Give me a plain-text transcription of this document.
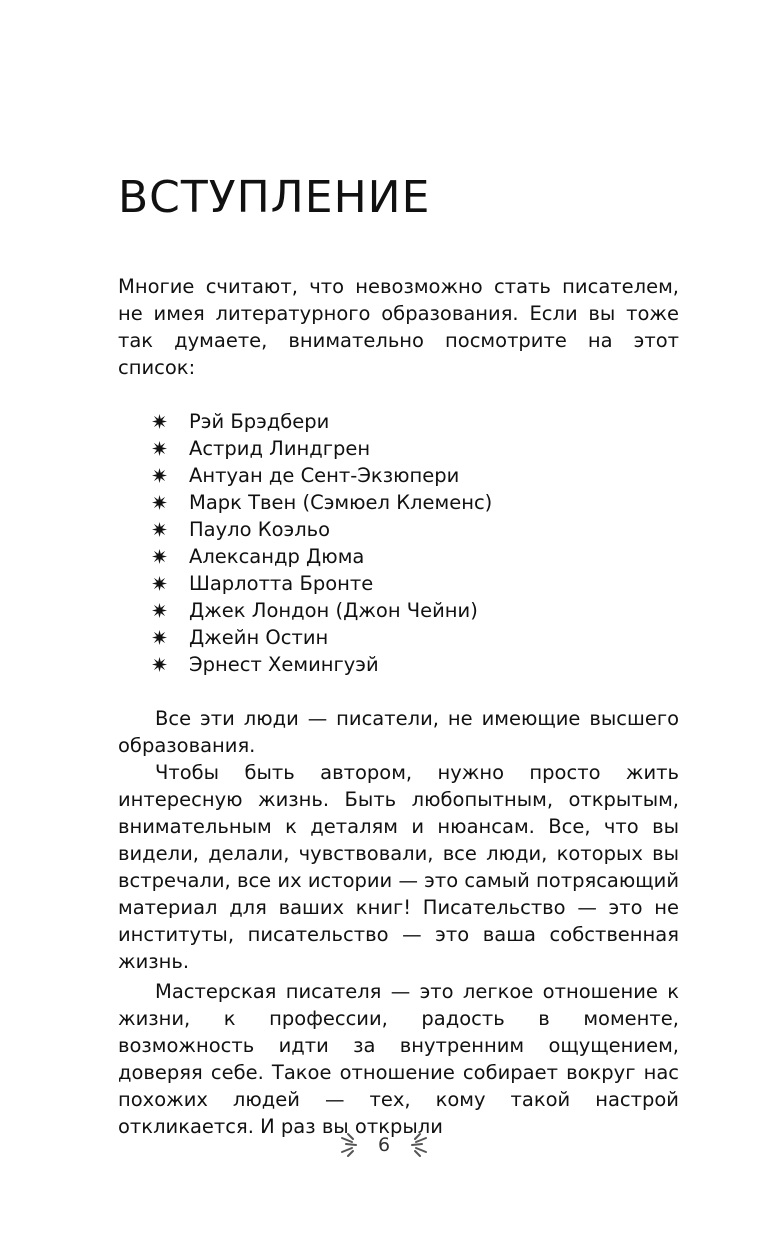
ВСТУПЛЕНИЕ

Многие считают, что невозможно стать писателем, не имея литературного образования. Если вы тоже так думаете, внимательно посмотрите на этот список:

Рэй Брэдбери
Астрид Линдгрен
Антуан де Сент-Экзюпери
Марк Твен (Сэмюел Клеменс)
Пауло Коэльо
Александр Дюма
Шарлотта Бронте
Джек Лондон (Джон Чейни)
Джейн Остин
Эрнест Хемингуэй

Все эти люди — писатели, не имеющие высшего образования.

Чтобы быть автором, нужно просто жить интересную жизнь. Быть любопытным, открытым, внимательным к деталям и нюансам. Все, что вы видели, делали, чувствовали, все люди, которых вы встречали, все их истории — это самый потрясающий материал для ваших книг! Писательство — это не институты, писательство — это ваша собственная жизнь.

Мастерская писателя — это легкое отношение к жизни, к профессии, радость в моменте, возможность идти за внутренним ощущением, доверяя себе. Такое отношение собирает вокруг нас похожих людей — тех, кому такой настрой откликается. И раз вы открыли

6
